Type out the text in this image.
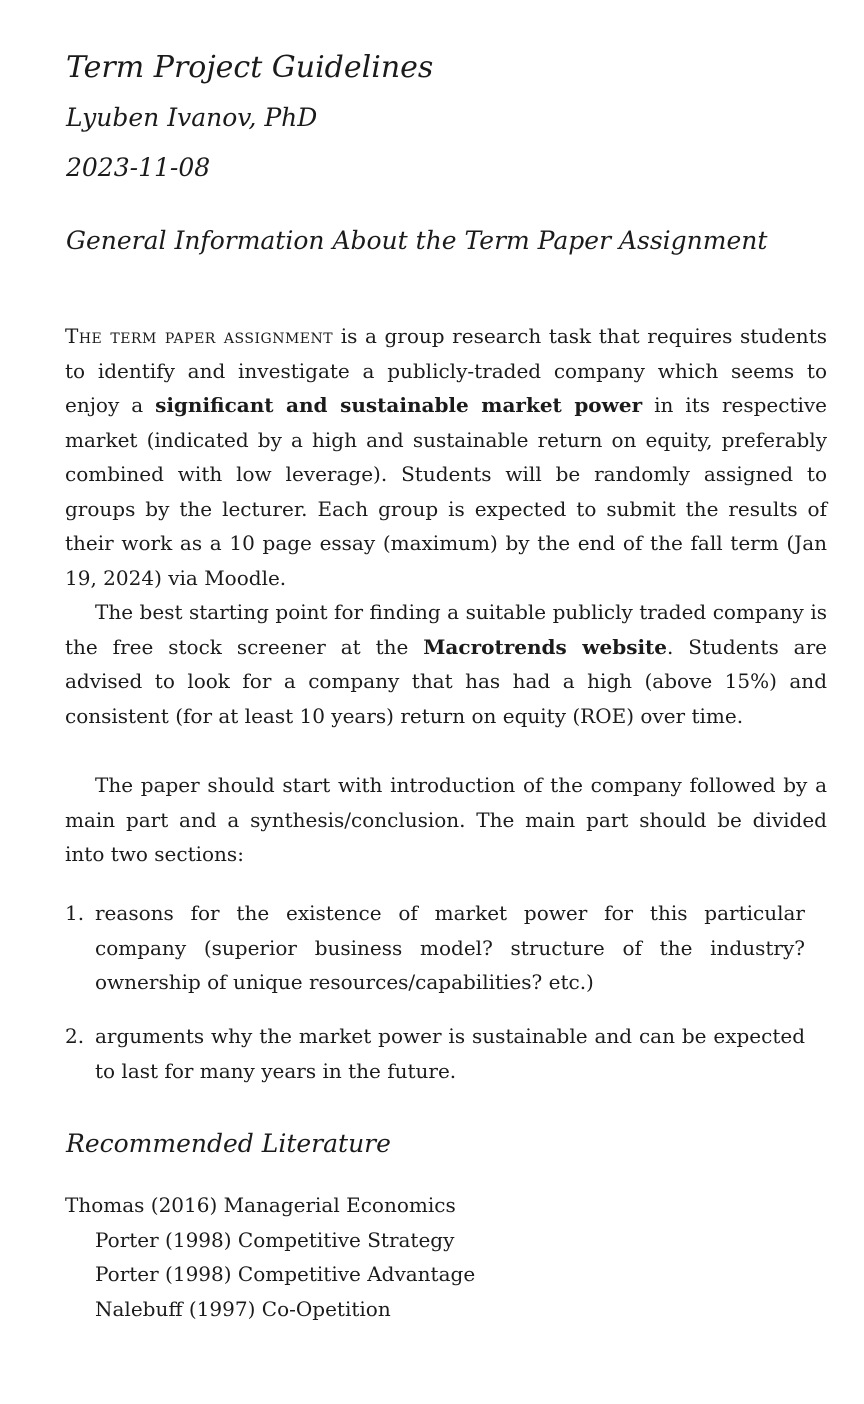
Term Project Guidelines
Lyuben Ivanov, PhD
2023-11-08
General Information About the Term Paper Assignment

The term paper assignment is a group research task that requires students to identify and investigate a publicly-traded company which seems to enjoy a significant and sustainable market power in its respective market (indicated by a high and sustainable return on equity, preferably combined with low leverage). Students will be randomly assigned to groups by the lecturer. Each group is expected to submit the results of their work as a 10 page essay (maximum) by the end of the fall term (Jan 19, 2024) via Moodle.

The best starting point for finding a suitable publicly traded company is the free stock screener at the Macrotrends website. Students are advised to look for a company that has had a high (above 15%) and consistent (for at least 10 years) return on equity (ROE) over time.

The paper should start with introduction of the company followed by a main part and a synthesis/conclusion. The main part should be divided into two sections:

1. reasons for the existence of market power for this particular company (superior business model? structure of the industry? ownership of unique resources/capabilities? etc.)
2. arguments why the market power is sustainable and can be expected to last for many years in the future.
Recommended Literature
Thomas (2016) Managerial Economics
Porter (1998) Competitive Strategy
Porter (1998) Competitive Advantage
Nalebuff (1997) Co-Opetition
